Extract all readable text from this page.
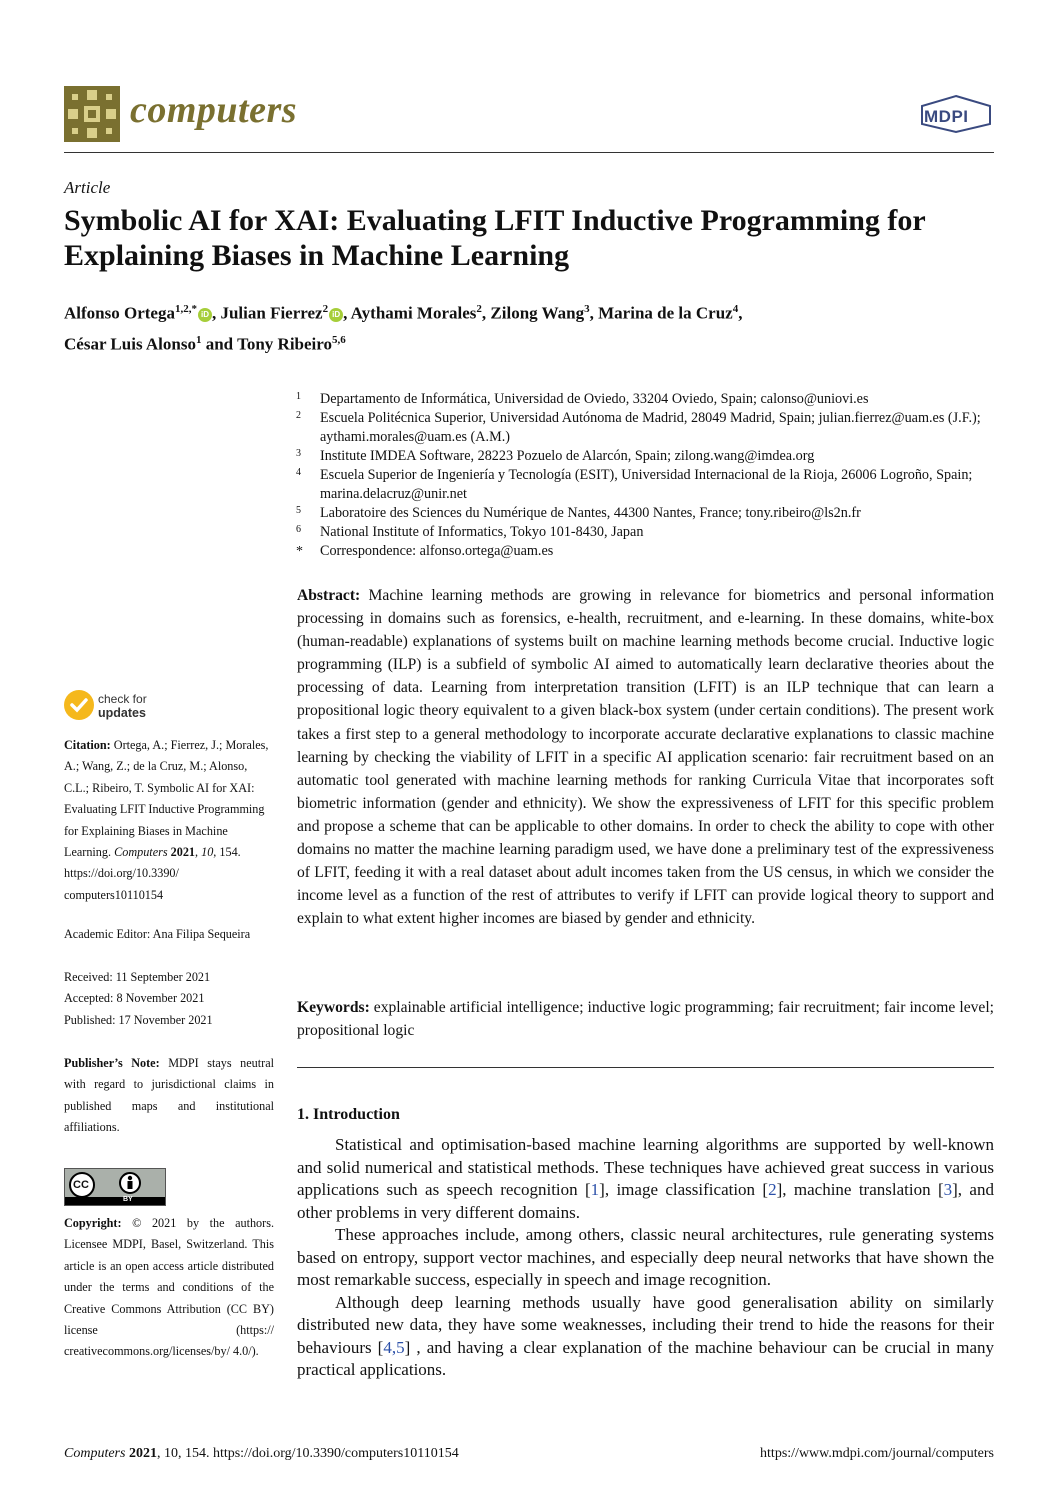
computers	MDPI
Article
Symbolic AI for XAI: Evaluating LFIT Inductive Programming for Explaining Biases in Machine Learning
Alfonso Ortega$^{1,2,*}$ iD , Julian Fierrez$^2$ iD , Aythami Morales$^2$, Zilong Wang$^3$, Marina de la Cruz$^4$,
César Luis Alonso$^1$ and Tony Ribeiro$^{5,6}$
1 Departamento de Informática, Universidad de Oviedo, 33204 Oviedo, Spain; calonso@uniovi.es
2 Escuela Politécnica Superior, Universidad Autónoma de Madrid, 28049 Madrid, Spain; julian.fierrez@uam.es (J.F.); aythami.morales@uam.es (A.M.)
3 Institute IMDEA Software, 28223 Pozuelo de Alarcón, Spain; zilong.wang@imdea.org
4 Escuela Superior de Ingeniería y Tecnología (ESIT), Universidad Internacional de la Rioja, 26006 Logroño, Spain; marina.delacruz@unir.net
5 Laboratoire des Sciences du Numérique de Nantes, 44300 Nantes, France; tony.ribeiro@ls2n.fr
6 National Institute of Informatics, Tokyo 101-8430, Japan
* Correspondence: alfonso.ortega@uam.es
Abstract: Machine learning methods are growing in relevance for biometrics and personal information processing in domains such as forensics, e-health, recruitment, and e-learning. In these domains, white-box (human-readable) explanations of systems built on machine learning methods become crucial. Inductive logic programming (ILP) is a subfield of symbolic AI aimed to automatically learn declarative theories about the processing of data. Learning from interpretation transition (LFIT) is an ILP technique that can learn a propositional logic theory equivalent to a given black-box system (under certain conditions). The present work takes a first step to a general methodology to incorporate accurate declarative explanations to classic machine learning by checking the viability of LFIT in a specific AI application scenario: fair recruitment based on an automatic tool generated with machine learning methods for ranking Curricula Vitae that incorporates soft biometric information (gender and ethnicity). We show the expressiveness of LFIT for this specific problem and propose a scheme that can be applicable to other domains. In order to check the ability to cope with other domains no matter the machine learning paradigm used, we have done a preliminary test of the expressiveness of LFIT, feeding it with a real dataset about adult incomes taken from the US census, in which we consider the income level as a function of the rest of attributes to verify if LFIT can provide logical theory to support and explain to what extent higher incomes are biased by gender and ethnicity.
Keywords: explainable artificial intelligence; inductive logic programming; fair recruitment; fair income level; propositional logic
1. Introduction

Statistical and optimisation-based machine learning algorithms are supported by well-known and solid numerical and statistical methods. These techniques have achieved great success in various applications such as speech recognition [1], image classification [2], machine translation [3], and other problems in very different domains.

These approaches include, among others, classic neural architectures, rule generating systems based on entropy, support vector machines, and especially deep neural networks that have shown the most remarkable success, especially in speech and image recognition.

Although deep learning methods usually have good generalisation ability on similarly distributed new data, they have some weaknesses, including their trend to hide the reasons for their behaviours [4,5] , and having a clear explanation of the machine behaviour can be crucial in many practical applications.

check for
updates
Citation: Ortega, A.; Fierrez, J.; Morales, A.; Wang, Z.; de la Cruz, M.; Alonso, C.L.; Ribeiro, T. Symbolic AI for XAI: Evaluating LFIT Inductive Programming for Explaining Biases in Machine Learning. Computers 2021, 10, 154. https://doi.org/10.3390/ computers10110154
Academic Editor: Ana Filipa Sequeira
Received: 11 September 2021
Accepted: 8 November 2021
Published: 17 November 2021
Publisher’s Note: MDPI stays neutral with regard to jurisdictional claims in published maps and institutional affiliations.
CC
BY
Copyright: © 2021 by the authors. Licensee MDPI, Basel, Switzerland. This article is an open access article distributed under the terms and conditions of the Creative Commons Attribution (CC BY) license (https:// creativecommons.org/licenses/by/ 4.0/).
Computers 2021, 10, 154. https://doi.org/10.3390/computers10110154	https://www.mdpi.com/journal/computers
